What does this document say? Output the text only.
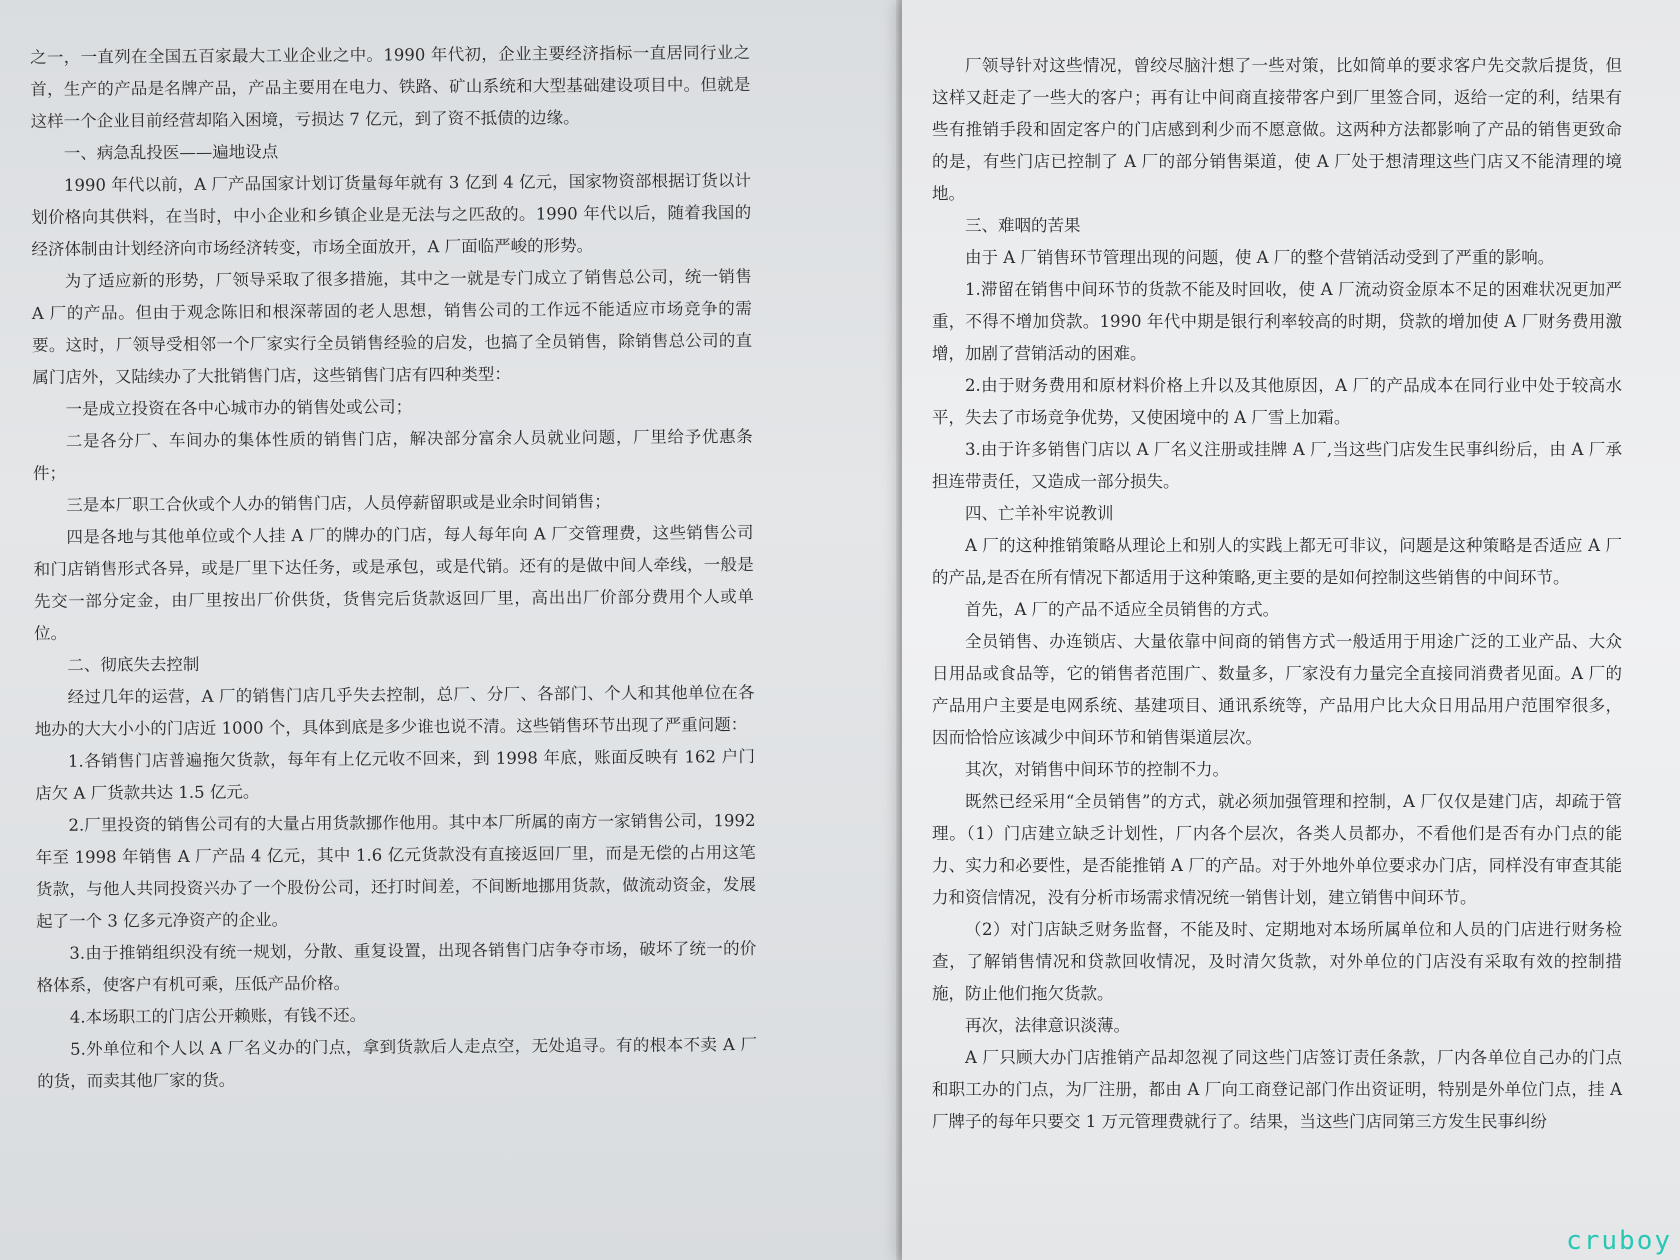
之一，一直列在全国五百家最大工业企业之中。1990 年代初，企业主要经济指标一直居同行业之首，生产的产品是名牌产品，产品主要用在电力、铁路、矿山系统和大型基础建设项目中。但就是这样一个企业目前经营却陷入困境，亏损达 7 亿元，到了资不抵债的边缘。

一、病急乱投医——遍地设点

1990 年代以前，A 厂产品国家计划订货量每年就有 3 亿到 4 亿元，国家物资部根据订货以计划价格向其供料，在当时，中小企业和乡镇企业是无法与之匹敌的。1990 年代以后，随着我国的经济体制由计划经济向市场经济转变，市场全面放开，A 厂面临严峻的形势。

为了适应新的形势，厂领导采取了很多措施，其中之一就是专门成立了销售总公司，统一销售 A 厂的产品。但由于观念陈旧和根深蒂固的老人思想，销售公司的工作远不能适应市场竞争的需要。这时，厂领导受相邻一个厂家实行全员销售经验的启发，也搞了全员销售，除销售总公司的直属门店外，又陆续办了大批销售门店，这些销售门店有四种类型：

一是成立投资在各中心城市办的销售处或公司；

二是各分厂、车间办的集体性质的销售门店，解决部分富余人员就业问题，厂里给予优惠条件；

三是本厂职工合伙或个人办的销售门店，人员停薪留职或是业余时间销售；

四是各地与其他单位或个人挂 A 厂的牌办的门店，每人每年向 A 厂交管理费，这些销售公司和门店销售形式各异，或是厂里下达任务，或是承包，或是代销。还有的是做中间人牵线，一般是先交一部分定金，由厂里按出厂价供货，货售完后货款返回厂里，高出出厂价部分费用个人或单位。

二、彻底失去控制

经过几年的运营，A 厂的销售门店几乎失去控制，总厂、分厂、各部门、个人和其他单位在各地办的大大小小的门店近 1000 个，具体到底是多少谁也说不清。这些销售环节出现了严重问题：

1.各销售门店普遍拖欠货款，每年有上亿元收不回来，到 1998 年底，账面反映有 162 户门店欠 A 厂货款共达 1.5 亿元。

2.厂里投资的销售公司有的大量占用货款挪作他用。其中本厂所属的南方一家销售公司，1992 年至 1998 年销售 A 厂产品 4 亿元，其中 1.6 亿元货款没有直接返回厂里，而是无偿的占用这笔货款，与他人共同投资兴办了一个股份公司，还打时间差，不间断地挪用货款，做流动资金，发展起了一个 3 亿多元净资产的企业。

3.由于推销组织没有统一规划，分散、重复设置，出现各销售门店争夺市场，破坏了统一的价格体系，使客户有机可乘，压低产品价格。

4.本场职工的门店公开赖账，有钱不还。

5.外单位和个人以 A 厂名义办的门点，拿到货款后人走点空，无处追寻。有的根本不卖 A 厂的货，而卖其他厂家的货。

厂领导针对这些情况，曾绞尽脑汁想了一些对策，比如简单的要求客户先交款后提货，但这样又赶走了一些大的客户；再有让中间商直接带客户到厂里签合同，返给一定的利，结果有些有推销手段和固定客户的门店感到利少而不愿意做。这两种方法都影响了产品的销售更致命的是，有些门店已控制了 A 厂的部分销售渠道，使 A 厂处于想清理这些门店又不能清理的境地。

三、难咽的苦果

由于 A 厂销售环节管理出现的问题，使 A 厂的整个营销活动受到了严重的影响。

1.滞留在销售中间环节的货款不能及时回收，使 A 厂流动资金原本不足的困难状况更加严重，不得不增加贷款。1990 年代中期是银行利率较高的时期，贷款的增加使 A 厂财务费用激增，加剧了营销活动的困难。

2.由于财务费用和原材料价格上升以及其他原因，A 厂的产品成本在同行业中处于较高水平，失去了市场竞争优势，又使困境中的 A 厂雪上加霜。

3.由于许多销售门店以 A 厂名义注册或挂牌 A 厂,当这些门店发生民事纠纷后，由 A 厂承担连带责任，又造成一部分损失。

四、亡羊补牢说教训

A 厂的这种推销策略从理论上和别人的实践上都无可非议，问题是这种策略是否适应 A 厂的产品,是否在所有情况下都适用于这种策略,更主要的是如何控制这些销售的中间环节。

首先，A 厂的产品不适应全员销售的方式。

全员销售、办连锁店、大量依靠中间商的销售方式一般适用于用途广泛的工业产品、大众日用品或食品等，它的销售者范围广、数量多，厂家没有力量完全直接同消费者见面。A 厂的产品用户主要是电网系统、基建项目、通讯系统等，产品用户比大众日用品用户范围窄很多，因而恰恰应该减少中间环节和销售渠道层次。

其次，对销售中间环节的控制不力。

既然已经采用“全员销售”的方式，就必须加强管理和控制，A 厂仅仅是建门店，却疏于管理。（1）门店建立缺乏计划性，厂内各个层次，各类人员都办，不看他们是否有办门点的能力、实力和必要性，是否能推销 A 厂的产品。对于外地外单位要求办门店，同样没有审查其能力和资信情况，没有分析市场需求情况统一销售计划，建立销售中间环节。

（2）对门店缺乏财务监督，不能及时、定期地对本场所属单位和人员的门店进行财务检查，了解销售情况和贷款回收情况，及时清欠货款，对外单位的门店没有采取有效的控制措施，防止他们拖欠货款。

再次，法律意识淡薄。

A 厂只顾大办门店推销产品却忽视了同这些门店签订责任条款，厂内各单位自己办的门点和职工办的门点，为厂注册，都由 A 厂向工商登记部门作出资证明，特别是外单位门点，挂 A 厂牌子的每年只要交 1 万元管理费就行了。结果，当这些门店同第三方发生民事纠纷

cruboy
